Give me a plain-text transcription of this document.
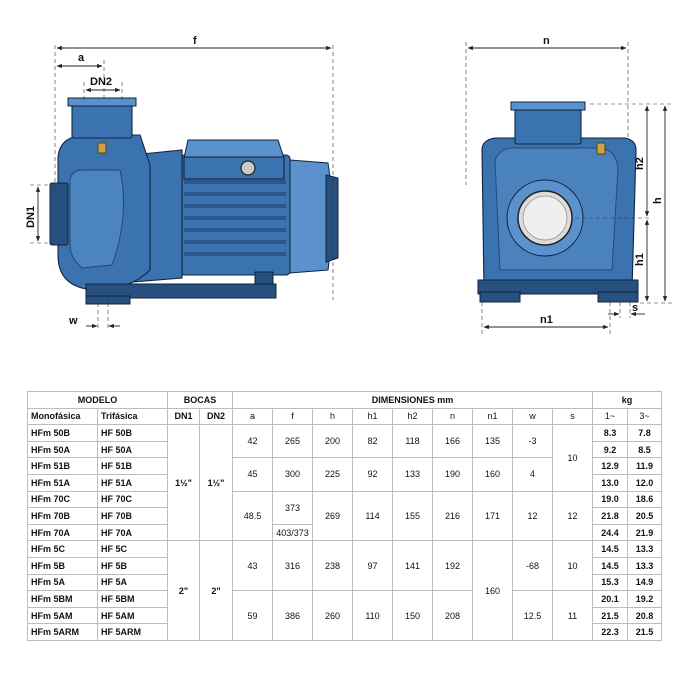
f
a
DN2
DN1
w
n
h2
h1
h
n1
s
MODELO		BOCAS		DIMENSIONES mm									kg	
Monofásica	Trifásica	DN1	DN2	a	f	h	h1	h2	n	n1	w	s	1~	3~
HFm 50B	HF 50B	1½"	1½"	42	265	200	82	118	166	135	-3	10	8.3	7.8
HFm 50A	HF 50A												9.2	8.5
HFm 51B	HF 51B			45	300	225	92	133	190	160	4		12.9	11.9
HFm 51A	HF 51A												13.0	12.0
HFm 70C	HF 70C			48.5	373	269	114	155	216	171	12	12	19.0	18.6
HFm 70B	HF 70B												21.8	20.5
HFm 70A	HF 70A				403/373								24.4	21.9
HFm 5C	HF 5C	2"	2"	43	316	238	97	141	192	160	-68	10	14.5	13.3
HFm 5B	HF 5B												14.5	13.3
HFm 5A	HF 5A												15.3	14.9
HFm 5BM	HF 5BM			59	386	260	110	150	208		12.5	11	20.1	19.2
HFm 5AM	HF 5AM												21.5	20.8
HFm 5ARM	HF 5ARM												22.3	21.5
